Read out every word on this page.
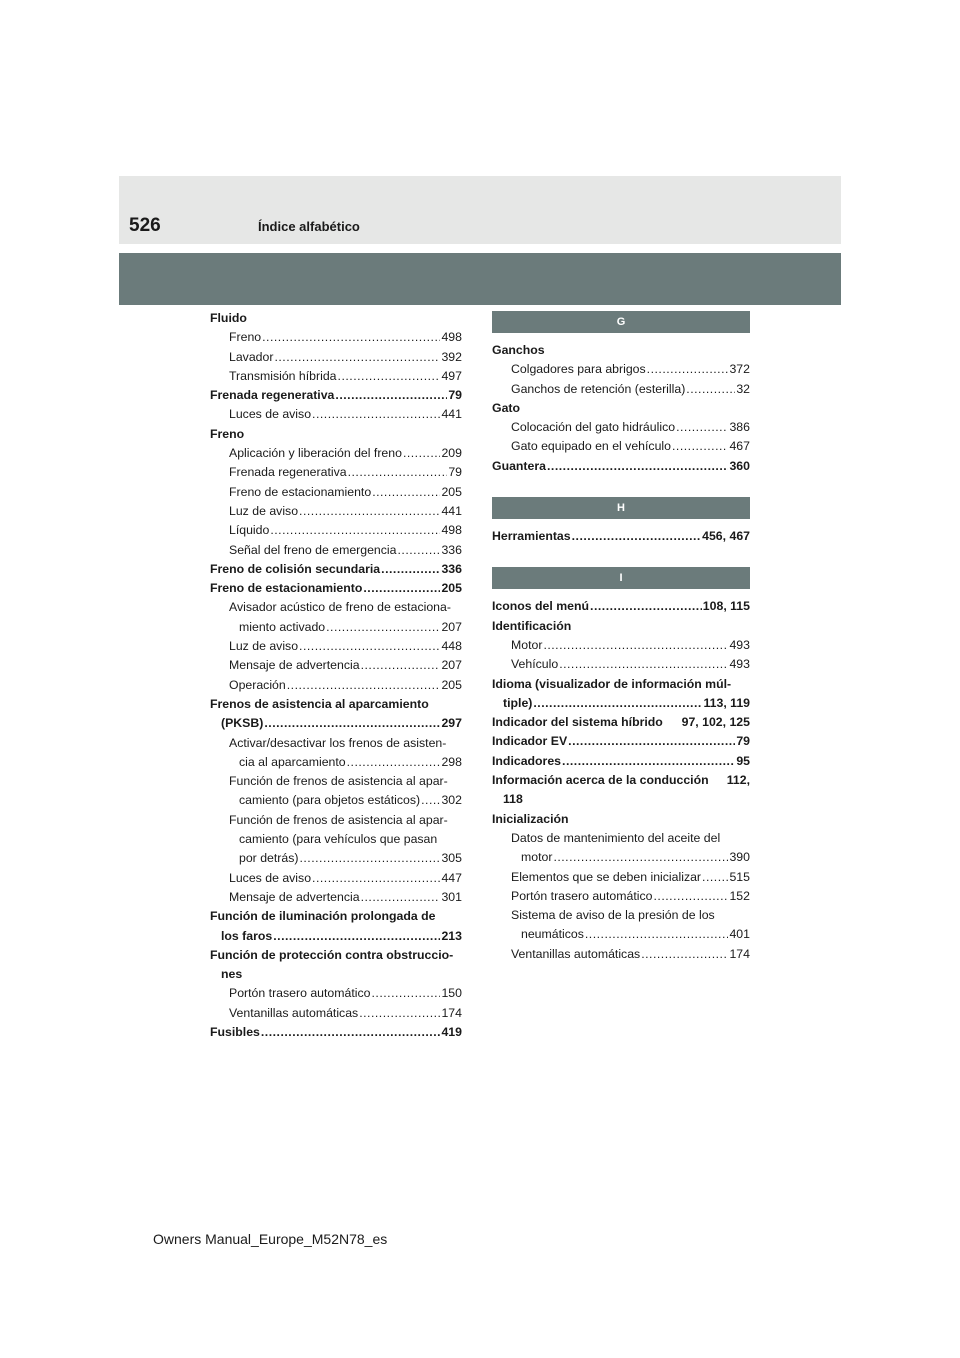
526	Índice alfabético
Fluido
Freno .....	498
Lavador .....	392
Transmisión híbrida .....	497
Frenada regenerativa .....	79
Luces de aviso .....	441
Freno
Aplicación y liberación del freno .....	209
Frenada regenerativa .....	79
Freno de estacionamiento .....	205
Luz de aviso .....	441
Líquido .....	498
Señal del freno de emergencia .....	336
Freno de colisión secundaria .....	336
Freno de estacionamiento .....	205
Avisador acústico de freno de estaciona-
miento activado .....	207
Luz de aviso .....	448
Mensaje de advertencia .....	207
Operación .....	205
Frenos de asistencia al aparcamiento
(PKSB) .....	297
Activar/desactivar los frenos de asisten-
cia al aparcamiento .....	298
Función de frenos de asistencia al apar-
camiento (para objetos estáticos) ..... 302
Función de frenos de asistencia al apar-
camiento (para vehículos que pasan
por detrás) .....	305
Luces de aviso .....	447
Mensaje de advertencia .....	301
Función de iluminación prolongada de
los faros .....	213
Función de protección contra obstruccio-
nes
Portón trasero automático .....	150
Ventanillas automáticas .....	174
Fusibles .....	419
G
Ganchos
Colgadores para abrigos .....	372
Ganchos de retención (esterilla) .....	32
Gato
Colocación del gato hidráulico .....	386
Gato equipado en el vehículo .....	467
Guantera .....	360
H
Herramientas .....	456, 467
I
Iconos del menú .....	108, 115
Identificación
Motor .....	493
Vehículo .....	493
Idioma (visualizador de información múl-
tiple) .....	113, 119
Indicador del sistema híbrido 97, 102, 125
Indicador EV .....	79
Indicadores .....	95
Información acerca de la conducción 112,
118
Inicialización
Datos de mantenimiento del aceite del
motor .....	390
Elementos que se deben inicializar ..... 515
Portón trasero automático .....	152
Sistema de aviso de la presión de los
neumáticos .....	401
Ventanillas automáticas .....	174
Owners Manual_Europe_M52N78_es
